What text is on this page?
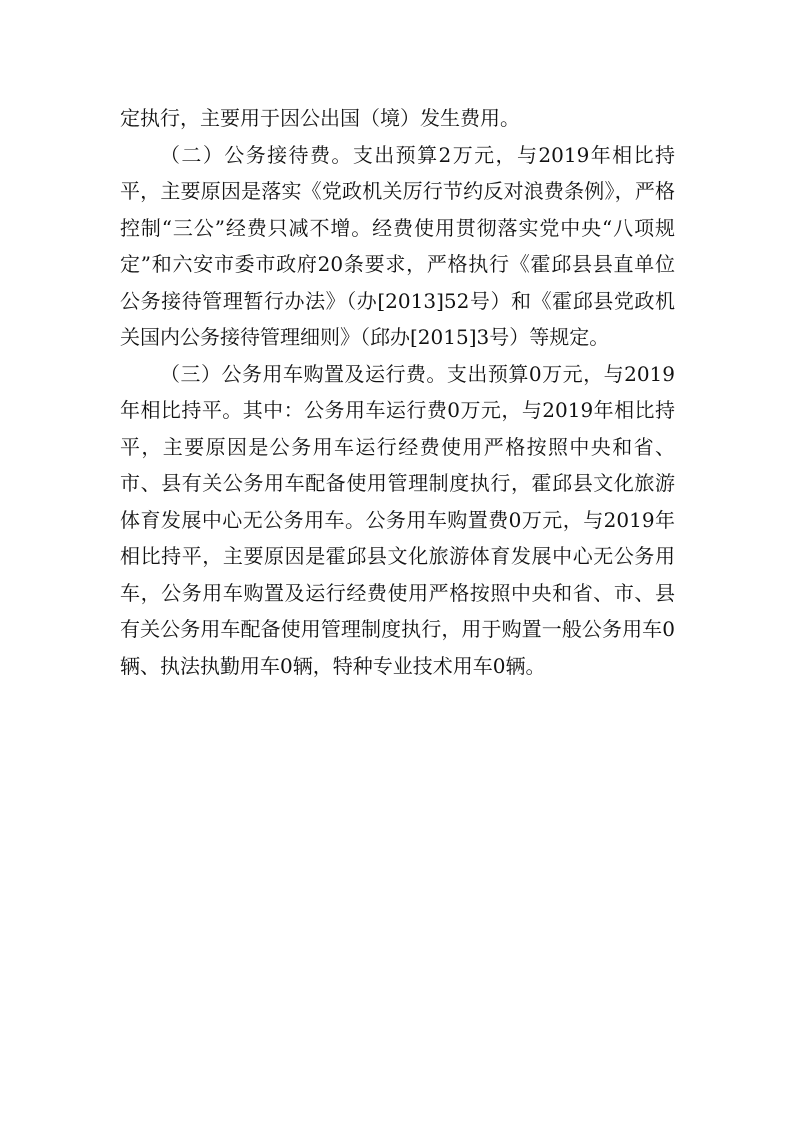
定执行，主要用于因公出国（境）发生费用。

（二）公务接待费。支出预算2万元，与2019年相比持平，主要原因是落实《党政机关厉行节约反对浪费条例》，严格控制“三公”经费只减不增。经费使用贯彻落实党中央“八项规定”和六安市委市政府20条要求，严格执行《霍邱县县直单位公务接待管理暂行办法》（办[2013]52号）和《霍邱县党政机关国内公务接待管理细则》（邱办[2015]3号）等规定。

（三）公务用车购置及运行费。支出预算0万元，与2019年相比持平。其中：公务用车运行费0万元，与2019年相比持平，主要原因是公务用车运行经费使用严格按照中央和省、市、县有关公务用车配备使用管理制度执行，霍邱县文化旅游体育发展中心无公务用车。公务用车购置费0万元，与2019年相比持平，主要原因是霍邱县文化旅游体育发展中心无公务用车，公务用车购置及运行经费使用严格按照中央和省、市、县有关公务用车配备使用管理制度执行，用于购置一般公务用车0辆、执法执勤用车0辆，特种专业技术用车0辆。
